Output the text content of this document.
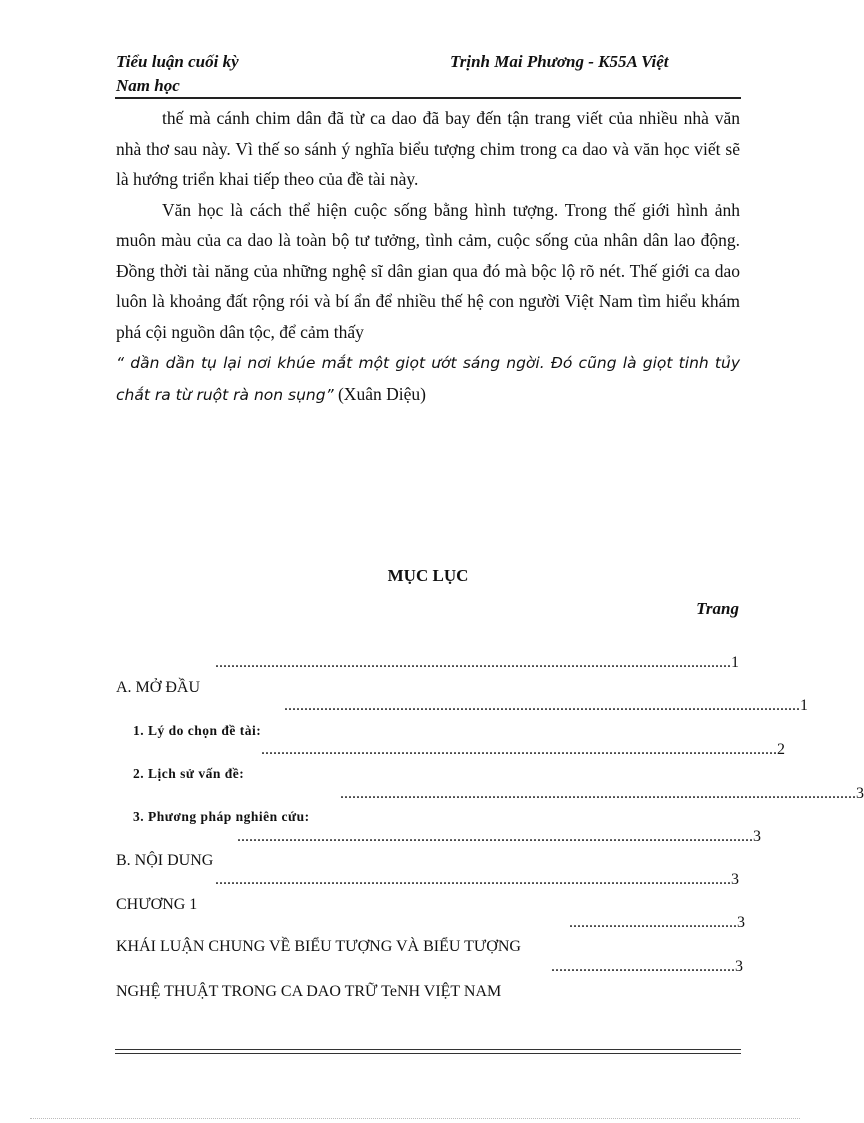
Tiểu luận cuối kỳ
Nam học
Trịnh Mai Phương - K55A Việt

thế mà cánh chim dân đã từ ca dao đã bay đến tận trang viết của nhiều nhà văn nhà thơ sau này. Vì thế so sánh ý nghĩa biểu tượng chim trong ca dao và văn học viết sẽ là hướng triển khai tiếp theo của đề tài này.

Văn học là cách thể hiện cuộc sống bằng hình tượng. Trong thế giới hình ảnh muôn màu của ca dao là toàn bộ tư tưởng, tình cảm, cuộc sống của nhân dân lao động. Đồng thời tài năng của những nghệ sĩ dân gian qua đó mà bộc lộ rõ nét. Thế giới ca dao luôn là khoảng đất rộng rói và bí ẩn để nhiều thế hệ con người Việt Nam tìm hiểu khám phá cội nguồn dân tộc, để cảm thấy
“ dần dần tụ lại nơi khúe mắt một giọt ướt sáng ngời. Đó cũng là giọt tinh tủy chắt ra từ ruột rà non sụng” (Xuân Diệu)

MỤC LỤC
Trang
.................................................................................................................................1
A. MỞ ĐẦU
.................................................................................................................................1
1. Lý do chọn đề tài:
.................................................................................................................................2
2. Lịch sử vấn đề:
.................................................................................................................................3
3. Phương pháp nghiên cứu:
.................................................................................................................................3
B. NỘI DUNG
.................................................................................................................................3
CHƯƠNG 1
..........................................3
KHÁI LUẬN CHUNG VỀ BIỂU TƯỢNG VÀ BIỂU TƯỢNG
..............................................3
NGHỆ THUẬT TRONG CA DAO TRỮ TeNH VIỆT NAM
